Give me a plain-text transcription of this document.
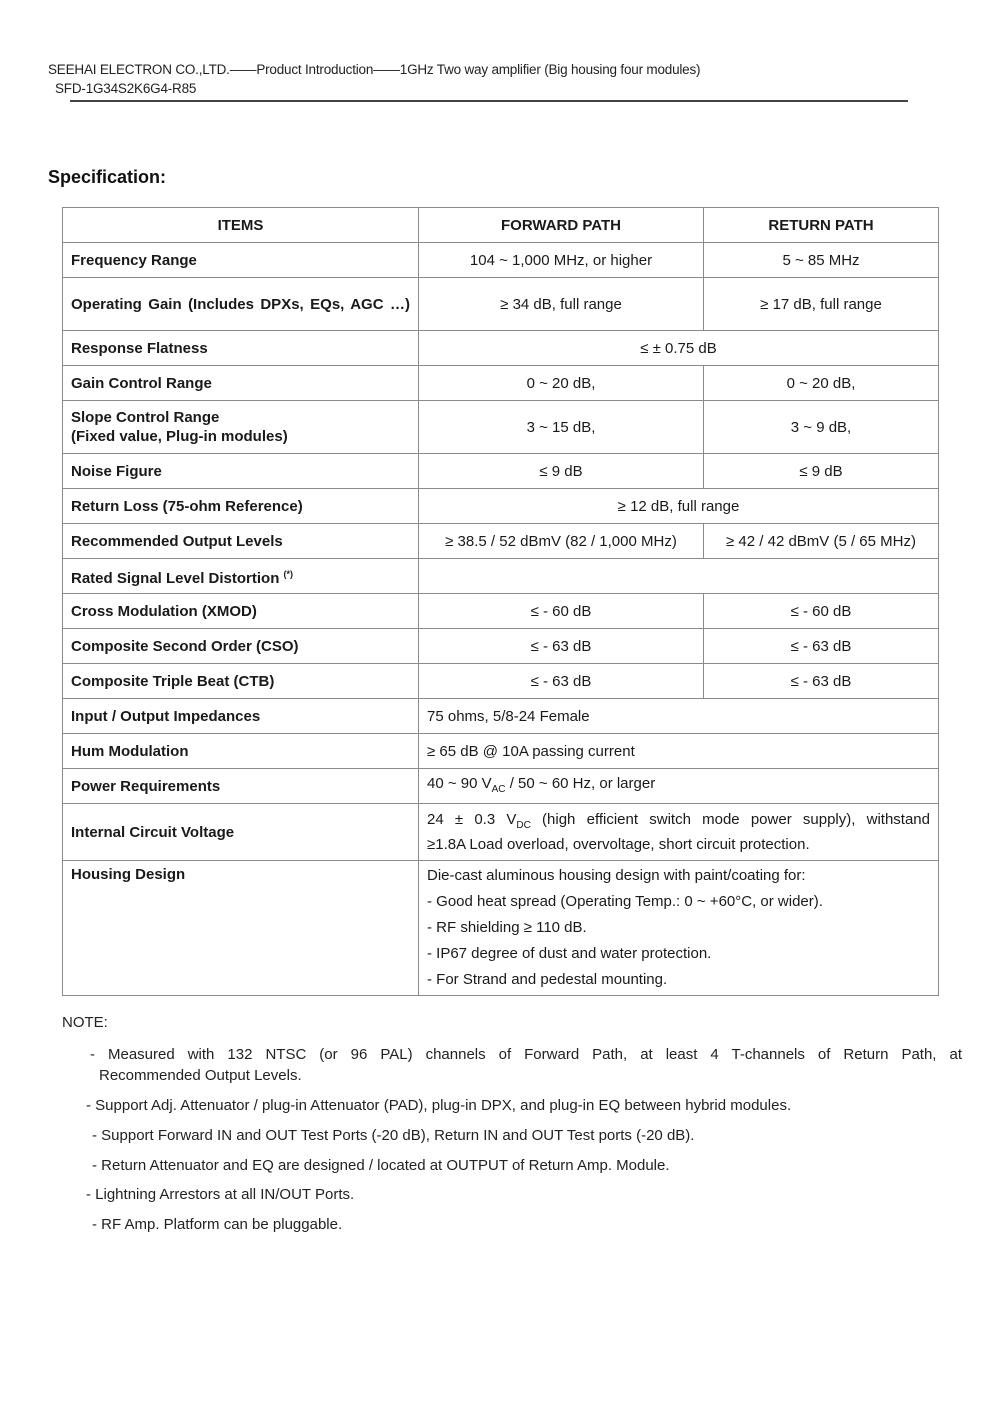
SEEHAI ELECTRON CO.,LTD.——Product Introduction——1GHz Two way amplifier (Big housing four modules)
SFD-1G34S2K6G4-R85
Specification:
ITEMS	FORWARD PATH	RETURN PATH
Frequency Range	104 ~ 1,000 MHz, or higher	5 ~ 85 MHz
Operating Gain (Includes DPXs, EQs, AGC …)	≥ 34 dB, full range	≥ 17 dB, full range
Response Flatness	≤ ± 0.75 dB	
Gain Control Range	0 ~ 20 dB,	0 ~ 20 dB,

Slope Control Range
(Fixed value, Plug-in modules)	3 ~ 15 dB,	3 ~ 9 dB,
Noise Figure	≤ 9 dB	≤ 9 dB
Return Loss (75-ohm Reference)	≥ 12 dB, full range	
Recommended Output Levels	≥ 38.5 / 52 dBmV (82 / 1,000 MHz)	≥ 42 / 42 dBmV (5 / 65 MHz)
Rated Signal Level Distortion (*)	
Cross Modulation (XMOD)	≤ - 60 dB	≤ - 60 dB
Composite Second Order (CSO)	≤ - 63 dB	≤ - 63 dB
Composite Triple Beat (CTB)	≤ - 63 dB	≤ - 63 dB
Input / Output Impedances	75 ohms, 5/8-24 Female	
Hum Modulation	≥ 65 dB @ 10A passing current	
Power Requirements	40 ~ 90 $V_{AC} / 50$ ~ 60 Hz, or larger	
Internal Circuit Voltage	24 ± 0.3 $V_{DC}$ (high efficient switch mode power supply), withstand
≥1.8A Load overload, overvoltage, short circuit protection.	

Housing Design	Die-cast aluminous housing design with paint/coating for:
- Good heat spread (Operating Temp.: 0 ~ +60°C, or wider).
- RF shielding ≥ 110 dB.
- IP67 degree of dust and water protection.
- For Strand and pedestal mounting.	
NOTE:
- Measured with 132 NTSC (or 96 PAL) channels of Forward Path, at least 4 T-channels of Return Path, at
Recommended Output Levels.
- Support Adj. Attenuator / plug-in Attenuator (PAD), plug-in DPX, and plug-in EQ between hybrid modules.
- Support Forward IN and OUT Test Ports (-20 dB), Return IN and OUT Test ports (-20 dB).
- Return Attenuator and EQ are designed / located at OUTPUT of Return Amp. Module.
- Lightning Arrestors at all IN/OUT Ports.
- RF Amp. Platform can be pluggable.
